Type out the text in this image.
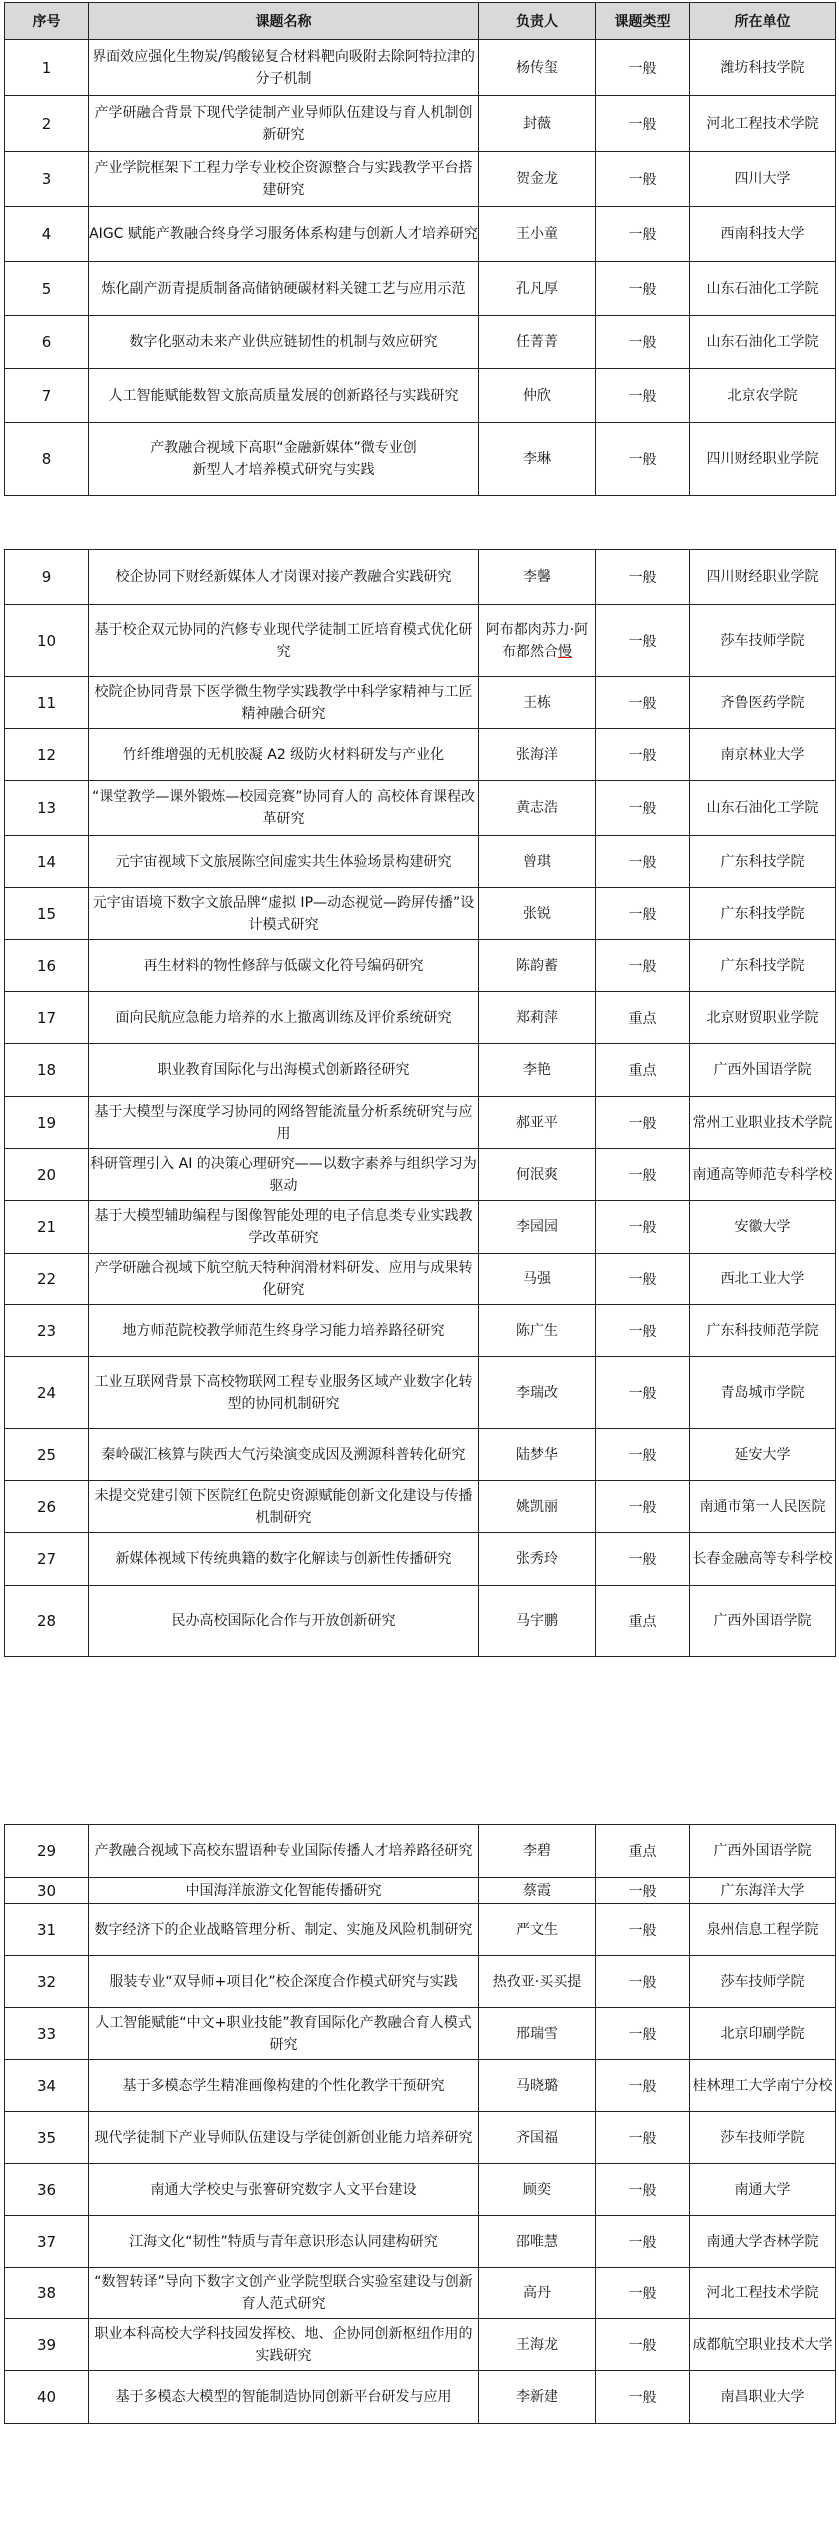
序号	课题名称	负责人	课题类型	所在单位
1	界面效应强化生物炭/钨酸铋复合材料靶向吸附去除阿特拉津的分子机制	杨传玺	一般	潍坊科技学院
2	产学研融合背景下现代学徒制产业导师队伍建设与育人机制创新研究	封薇	一般	河北工程技术学院
3	产业学院框架下工程力学专业校企资源整合与实践教学平台搭建研究	贺金龙	一般	四川大学
4	AIGC 赋能产教融合终身学习服务体系构建与创新人才培养研究	王小童	一般	西南科技大学
5	炼化副产沥青提质制备高储钠硬碳材料关键工艺与应用示范	孔凡厚	一般	山东石油化工学院
6	数字化驱动未来产业供应链韧性的机制与效应研究	任菁菁	一般	山东石油化工学院
7	人工智能赋能数智文旅高质量发展的创新路径与实践研究	仲欣	一般	北京农学院
8	产教融合视域下高职“金融新媒体”微专业创
新型人才培养模式研究与实践	李琳	一般	四川财经职业学院
9	校企协同下财经新媒体人才岗课对接产教融合实践研究	李馨	一般	四川财经职业学院
10	基于校企双元协同的汽修专业现代学徒制工匠培育模式优化研究	阿布都肉苏力·阿布都然合慢	一般	莎车技师学院
11	校院企协同背景下医学微生物学实践教学中科学家精神与工匠精神融合研究	王栋	一般	齐鲁医药学院
12	竹纤维增强的无机胶凝 A2 级防火材料研发与产业化	张海洋	一般	南京林业大学
13	“课堂教学—课外锻炼—校园竞赛”协同育人的 高校体育课程改革研究	黄志浩	一般	山东石油化工学院
14	元宇宙视域下文旅展陈空间虚实共生体验场景构建研究	曾琪	一般	广东科技学院
15	元宇宙语境下数字文旅品牌“虚拟 IP—动态视觉—跨屏传播”设计模式研究	张锐	一般	广东科技学院
16	再生材料的物性修辞与低碳文化符号编码研究	陈韵蓄	一般	广东科技学院
17	面向民航应急能力培养的水上撤离训练及评价系统研究	郑莉萍	重点	北京财贸职业学院
18	职业教育国际化与出海模式创新路径研究	李艳	重点	广西外国语学院
19	基于大模型与深度学习协同的网络智能流量分析系统研究与应用	郝亚平	一般	常州工业职业技术学院
20	科研管理引入 AI 的决策心理研究——以数字素养与组织学习为驱动	何泯爽	一般	南通高等师范专科学校
21	基于大模型辅助编程与图像智能处理的电子信息类专业实践教学改革研究	李园园	一般	安徽大学
22	产学研融合视域下航空航天特种润滑材料研发、应用与成果转化研究	马强	一般	西北工业大学
23	地方师范院校教学师范生终身学习能力培养路径研究	陈广生	一般	广东科技师范学院
24	工业互联网背景下高校物联网工程专业服务区域产业数字化转型的协同机制研究	李瑞改	一般	青岛城市学院
25	秦岭碳汇核算与陕西大气污染演变成因及溯源科普转化研究	陆梦华	一般	延安大学
26	未提交党建引领下医院红色院史资源赋能创新文化建设与传播机制研究	姚凯丽	一般	南通市第一人民医院
27	新媒体视域下传统典籍的数字化解读与创新性传播研究	张秀玲	一般	长春金融高等专科学校
28	民办高校国际化合作与开放创新研究	马宇鹏	重点	广西外国语学院
29	产教融合视域下高校东盟语种专业国际传播人才培养路径研究	李碧	重点	广西外国语学院
30	中国海洋旅游文化智能传播研究	蔡霞	一般	广东海洋大学
31	数字经济下的企业战略管理分析、制定、实施及风险机制研究	严文生	一般	泉州信息工程学院
32	服装专业“双导师+项目化”校企深度合作模式研究与实践	热孜亚·买买提	一般	莎车技师学院
33	人工智能赋能“中文+职业技能”教育国际化产教融合育人模式研究	邢瑞雪	一般	北京印刷学院
34	基于多模态学生精准画像构建的个性化教学干预研究	马晓璐	一般	桂林理工大学南宁分校
35	现代学徒制下产业导师队伍建设与学徒创新创业能力培养研究	齐国福	一般	莎车技师学院
36	南通大学校史与张謇研究数字人文平台建设	顾奕	一般	南通大学
37	江海文化“韧性”特质与青年意识形态认同建构研究	邵唯慧	一般	南通大学杏林学院
38	“数智转译”导向下数字文创产业学院型联合实验室建设与创新育人范式研究	高丹	一般	河北工程技术学院
39	职业本科高校大学科技园发挥校、地、企协同创新枢纽作用的实践研究	王海龙	一般	成都航空职业技术大学
40	基于多模态大模型的智能制造协同创新平台研发与应用	李新建	一般	南昌职业大学
